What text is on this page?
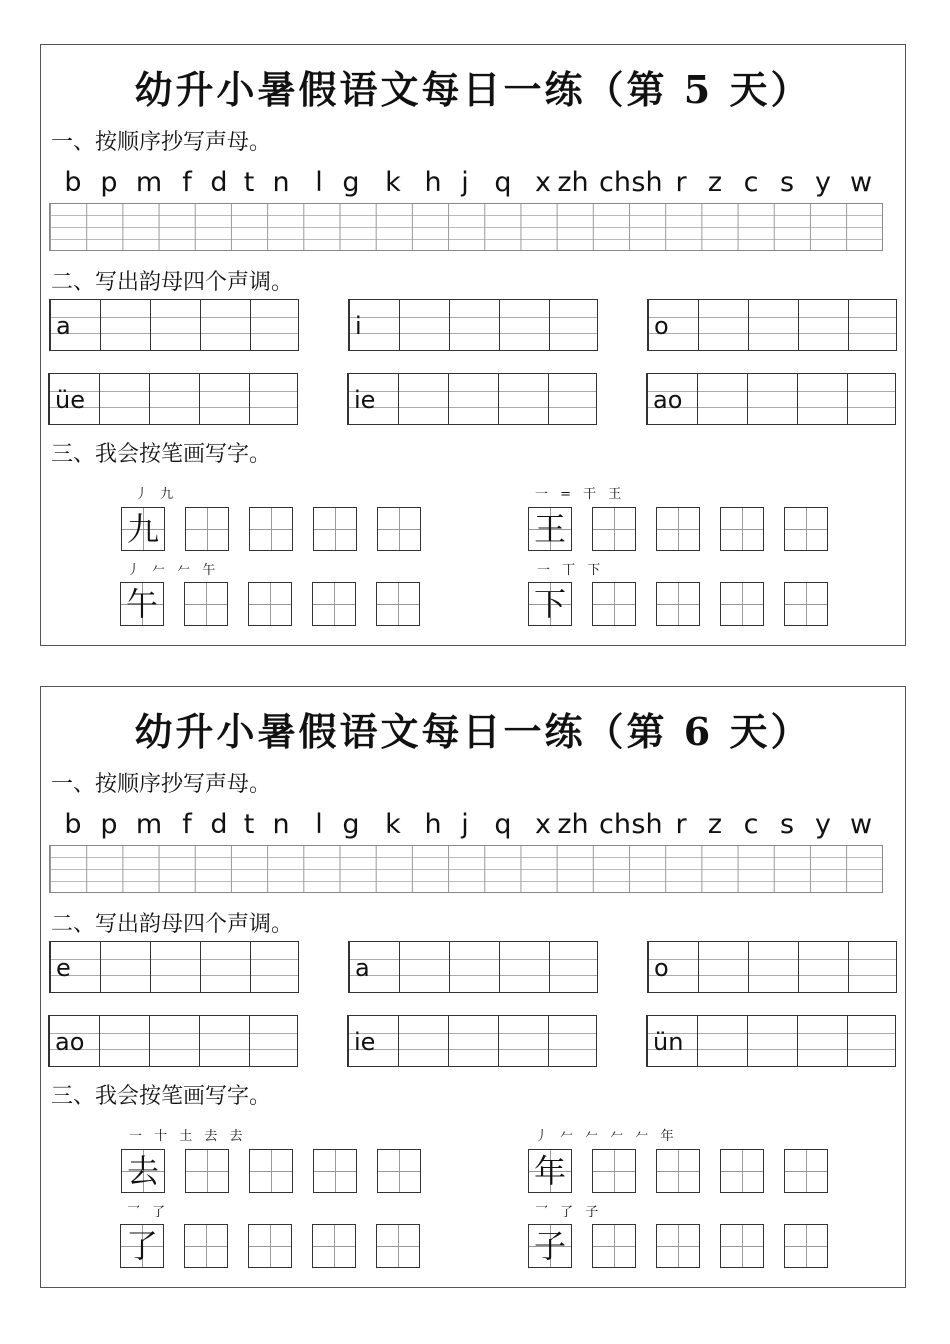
幼升小暑假语文每日一练（第 5 天）
一、按顺序抄写声母。
b p m f d t n l g k h j q x zh ch sh r z c s y w
二、写出韵母四个声调。
a	i	o
üe	ie	ao
三、我会按笔画写字。
丿 九
九
一 = 干 王
王
丿 𠂉 𠂉 午
午
一 丅 下
下
幼升小暑假语文每日一练（第 6 天）
一、按顺序抄写声母。
b p m f d t n l g k h j q x zh ch sh r z c s y w
二、写出韵母四个声调。
e	a	o
ao	ie	ün
三、我会按笔画写字。
一 十 土 去 去
去
丿 𠂉 𠂉 𠂉 𠂉 年
年
乛 了
了
乛 了 子
子
